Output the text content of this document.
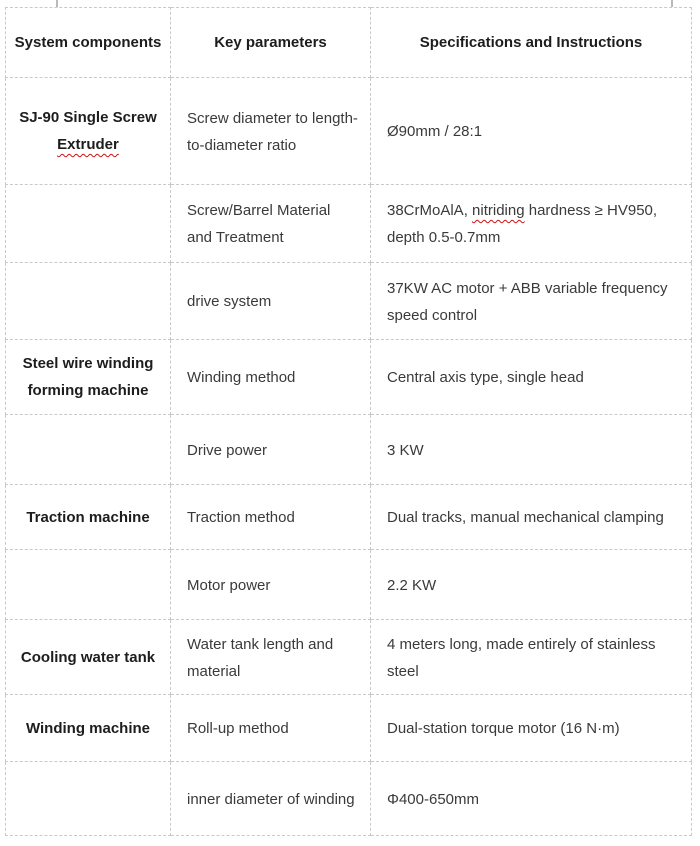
System components	Key parameters	Specifications and Instructions
SJ-90 Single Screw Extruder	Screw diameter to length-to-diameter ratio	Ø90mm / 28:1
	Screw/Barrel Material and Treatment	38CrMoAlA, nitriding hardness ≥ HV950, depth 0.5-0.7mm
	drive system	37KW AC motor + ABB variable frequency speed control
Steel wire winding forming machine	Winding method	Central axis type, single head
	Drive power	3 KW
Traction machine	Traction method	Dual tracks, manual mechanical clamping
	Motor power	2.2 KW
Cooling water tank	Water tank length and material	4 meters long, made entirely of stainless steel
Winding machine	Roll-up method	Dual-station torque motor (16 N·m)
	inner diameter of winding	Φ400-650mm
